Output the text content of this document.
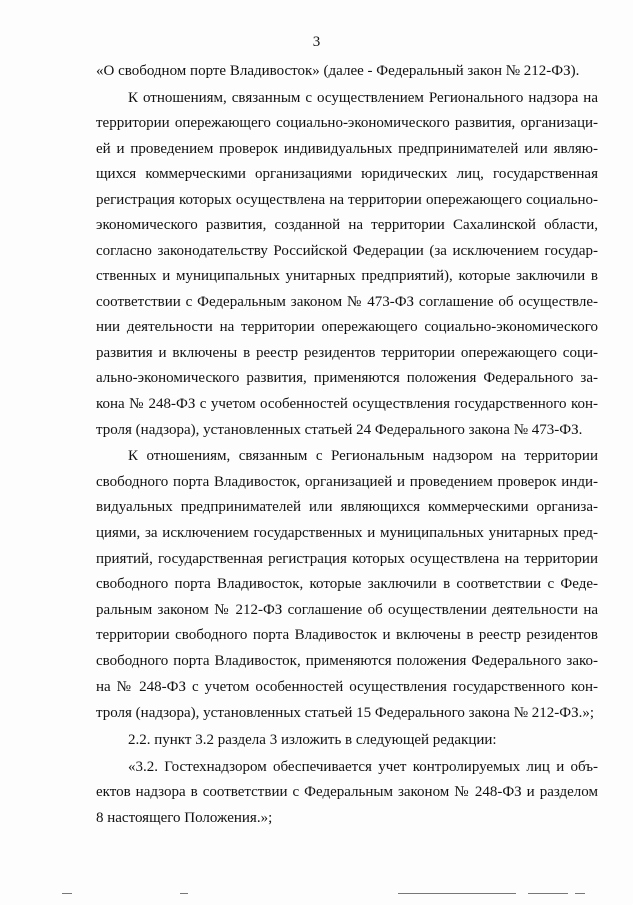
3
«О свободном порте Владивосток» (далее - Федеральный закон № 212-ФЗ).
К отношениям, связанным с осуществлением Регионального надзора на
территории опережающего социально-экономического развития, организаци-
ей и проведением проверок индивидуальных предпринимателей или являю-
щихся коммерческими организациями юридических лиц, государственная
регистрация которых осуществлена на территории опережающего социально-
экономического развития, созданной на территории Сахалинской области,
согласно законодательству Российской Федерации (за исключением государ-
ственных и муниципальных унитарных предприятий), которые заключили в
соответствии с Федеральным законом № 473-ФЗ соглашение об осуществле-
нии деятельности на территории опережающего социально-экономического
развития и включены в реестр резидентов территории опережающего соци-
ально-экономического развития, применяются положения Федерального за-
кона № 248-ФЗ с учетом особенностей осуществления государственного кон-
троля (надзора), установленных статьей 24 Федерального закона № 473-ФЗ.
К отношениям, связанным с Региональным надзором на территории
свободного порта Владивосток, организацией и проведением проверок инди-
видуальных предпринимателей или являющихся коммерческими организа-
циями, за исключением государственных и муниципальных унитарных пред-
приятий, государственная регистрация которых осуществлена на территории
свободного порта Владивосток, которые заключили в соответствии с Феде-
ральным законом № 212-ФЗ соглашение об осуществлении деятельности на
территории свободного порта Владивосток и включены в реестр резидентов
свободного порта Владивосток, применяются положения Федерального зако-
на № 248-ФЗ с учетом особенностей осуществления государственного кон-
троля (надзора), установленных статьей 15 Федерального закона № 212-ФЗ.»;
2.2. пункт 3.2 раздела 3 изложить в следующей редакции:
«3.2. Гостехнадзором обеспечивается учет контролируемых лиц и объ-
ектов надзора в соответствии с Федеральным законом № 248-ФЗ и разделом
8 настоящего Положения.»;
